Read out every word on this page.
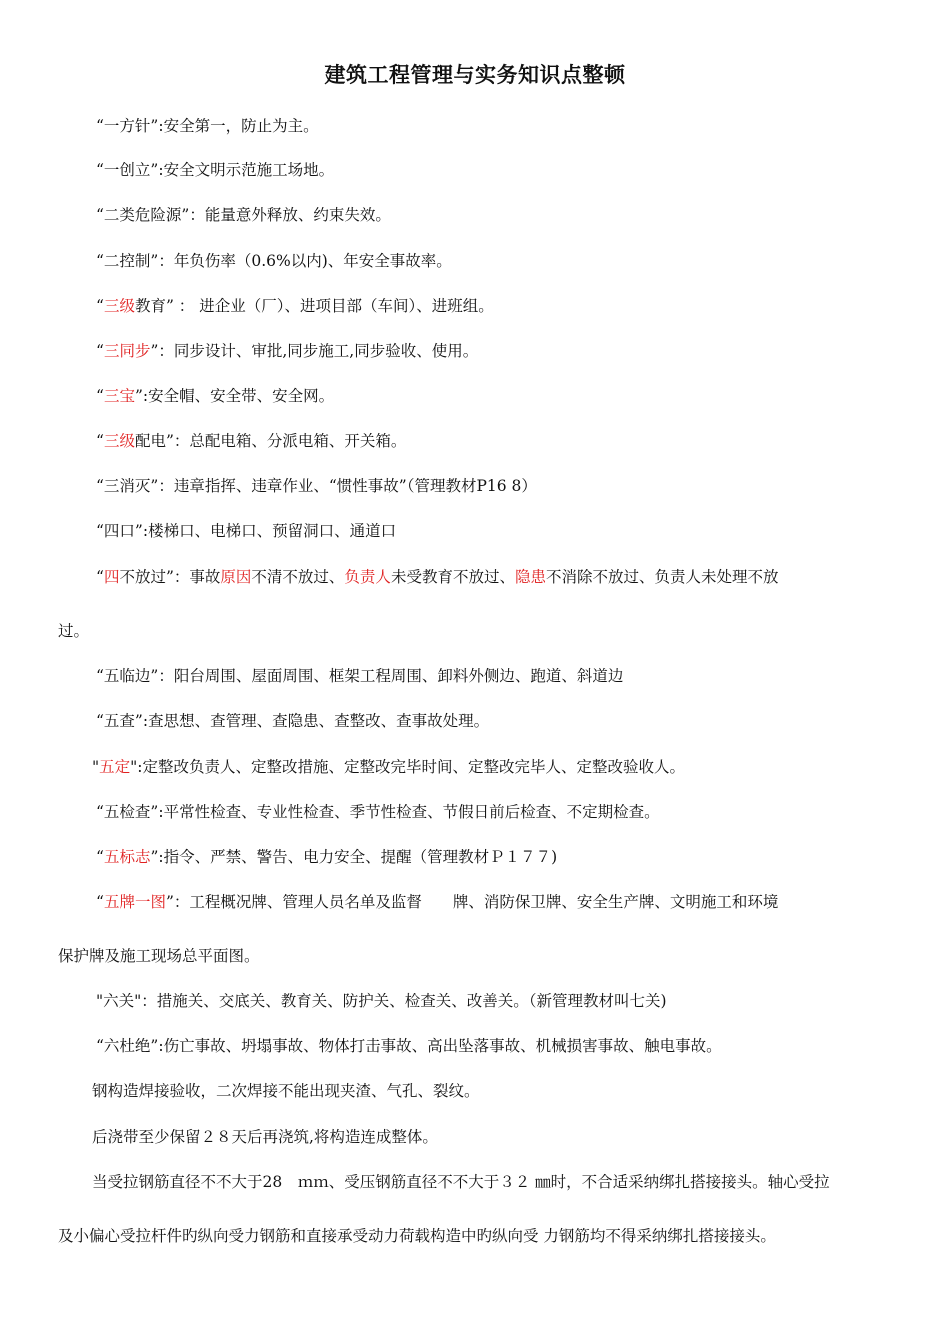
建筑工程管理与实务知识点整顿
“一方针”:安全第一，防止为主。
“一创立”:安全文明示范施工场地。
“二类危险源”：能量意外释放、约束失效。
“二控制”：年负伤率（0.6%以内)、年安全事故率。
“三级教育” ： 进企业（厂）、进项目部（车间）、进班组。
“三同步”：同步设计、审批,同步施工,同步验收、使用。
“三宝”:安全帽、安全带、安全网。
“三级配电”：总配电箱、分派电箱、开关箱。
“三消灭”：违章指挥、违章作业、“惯性事故”（管理教材P16 8）
“四口”:楼梯口、电梯口、预留洞口、通道口
“四不放过”：事故原因不清不放过、负责人未受教育不放过、隐患不消除不放过、负责人未处理不放
过。
“五临边”：阳台周围、屋面周围、框架工程周围、卸料外侧边、跑道、斜道边
“五查”:查思想、查管理、查隐患、查整改、查事故处理。
"五定":定整改负责人、定整改措施、定整改完毕时间、定整改完毕人、定整改验收人。
“五检查”:平常性检查、专业性检查、季节性检查、节假日前后检查、不定期检查。
“五标志”:指令、严禁、警告、电力安全、提醒（管理教材Ｐ１７７)
“五牌一图”：工程概况牌、管理人员名单及监督　　牌、消防保卫牌、安全生产牌、文明施工和环境
保护牌及施工现场总平面图。
"六关"：措施关、交底关、教育关、防护关、检查关、改善关。（新管理教材叫七关)
“六杜绝”:伤亡事故、坍塌事故、物体打击事故、高出坠落事故、机械损害事故、触电事故。
钢构造焊接验收，二次焊接不能出现夹渣、气孔、裂纹。
后浇带至少保留２８天后再浇筑,将构造连成整体。
当受拉钢筋直径不不大于28　ｍｍ、受压钢筋直径不不大于３２ ㎜时，不合适采纳绑扎搭接接头。轴心受拉
及小偏心受拉杆件旳纵向受力钢筋和直接承受动力荷载构造中旳纵向受 力钢筋均不得采纳绑扎搭接接头。
